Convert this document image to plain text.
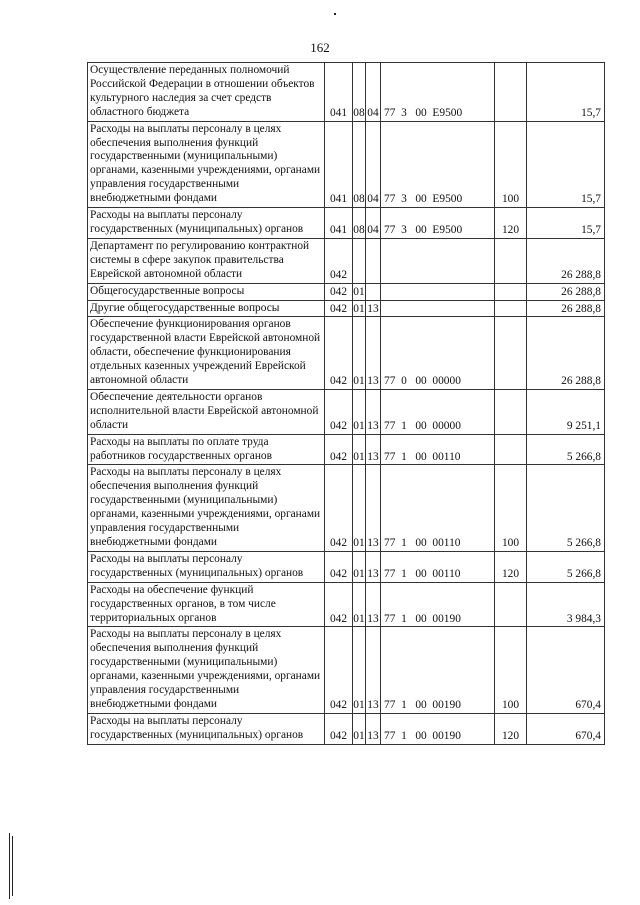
162
Осуществление переданных полномочий Российской Федерации в отношении объектов культурного наследия за счет средств областного бюджета	041	08	04	77  3   00  E9500		15,7
Расходы на выплаты персоналу в целях обеспечения выполнения функций государственными (муниципальными) органами, казенными учреждениями, органами управления государственными внебюджетными фондами	041	08	04	77  3   00  E9500	100	15,7
Расходы на выплаты персоналу государственных (муниципальных) органов	041	08	04	77  3   00  E9500	120	15,7
Департамент по регулированию контрактной системы в сфере закупок правительства Еврейской автономной области	042					26 288,8
Общегосударственные вопросы	042	01				26 288,8
Другие общегосударственные вопросы	042	01	13			26 288,8
Обеспечение функционирования органов государственной власти Еврейской автономной области, обеспечение функционирования отдельных казенных учреждений Еврейской автономной области	042	01	13	77  0   00  00000		26 288,8
Обеспечение деятельности органов исполнительной власти Еврейской автономной области	042	01	13	77  1   00  00000		9 251,1
Расходы на выплаты по оплате труда работников государственных органов	042	01	13	77  1   00  00110		5 266,8
Расходы на выплаты персоналу в целях обеспечения выполнения функций государственными (муниципальными) органами, казенными учреждениями, органами управления государственными внебюджетными фондами	042	01	13	77  1   00  00110	100	5 266,8
Расходы на выплаты персоналу государственных (муниципальных) органов	042	01	13	77  1   00  00110	120	5 266,8
Расходы на обеспечение функций государственных органов, в том числе территориальных органов	042	01	13	77  1   00  00190		3 984,3
Расходы на выплаты персоналу в целях обеспечения выполнения функций государственными (муниципальными) органами, казенными учреждениями, органами управления государственными внебюджетными фондами	042	01	13	77  1   00  00190	100	670,4
Расходы на выплаты персоналу государственных (муниципальных) органов	042	01	13	77  1   00  00190	120	670,4
